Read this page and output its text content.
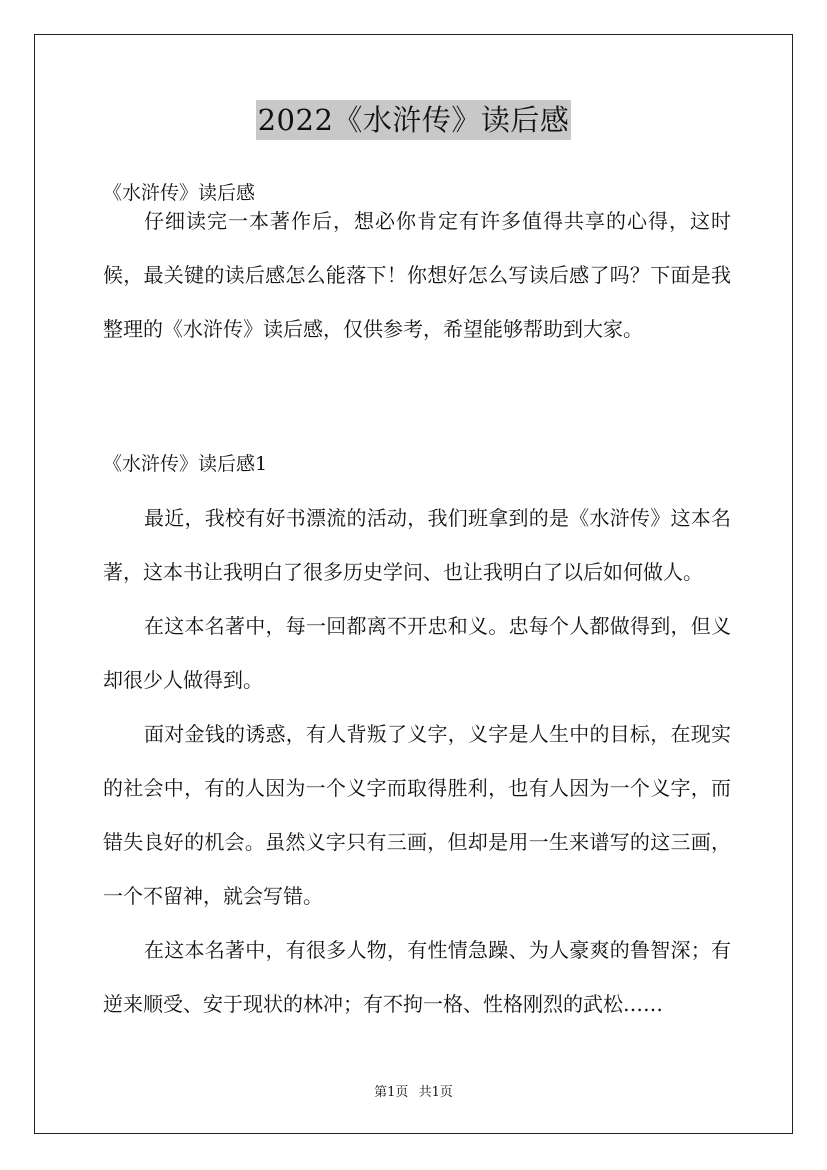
2022《水浒传》读后感
《水浒传》读后感
仔细读完一本著作后，想必你肯定有许多值得共享的心得，这时候，最关键的读后感怎么能落下！你想好怎么写读后感了吗？下面是我整理的《水浒传》读后感，仅供参考，希望能够帮助到大家。
《水浒传》读后感1
最近，我校有好书漂流的活动，我们班拿到的是《水浒传》这本名著，这本书让我明白了很多历史学问、也让我明白了以后如何做人。
在这本名著中，每一回都离不开忠和义。忠每个人都做得到，但义却很少人做得到。
面对金钱的诱惑，有人背叛了义字，义字是人生中的目标，在现实的社会中，有的人因为一个义字而取得胜利，也有人因为一个义字，而错失良好的机会。虽然义字只有三画，但却是用一生来谱写的这三画，一个不留神，就会写错。
在这本名著中，有很多人物，有性情急躁、为人豪爽的鲁智深；有逆来顺受、安于现状的林冲；有不拘一格、性格刚烈的武松……
第1页 共1页
